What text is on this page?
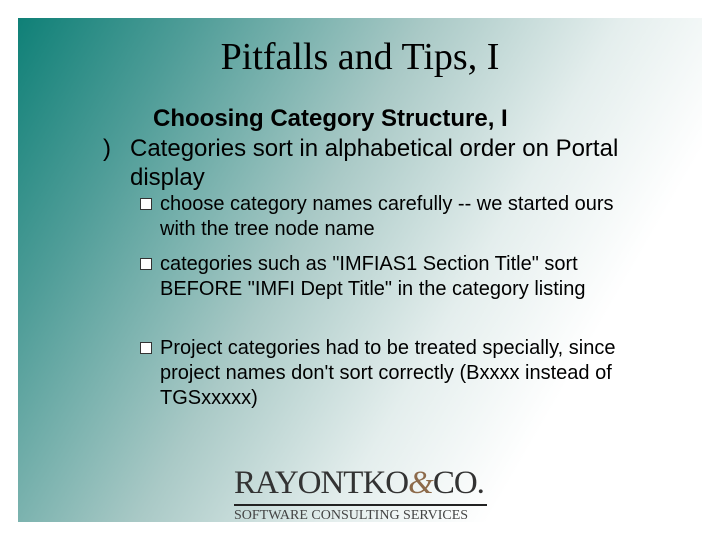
Pitfalls and Tips, I
Choosing Category Structure, I
) Categories sort in alphabetical order on Portal display
choose category names carefully -- we started ours with the tree node name
categories such as "IMFIAS1 Section Title" sort BEFORE "IMFI Dept Title" in the category listing
Project categories had to be treated specially, since project names don't sort correctly (Bxxxx instead of TGSxxxxx)
RAYONTKO&CO.
SOFTWARE CONSULTING SERVICES
